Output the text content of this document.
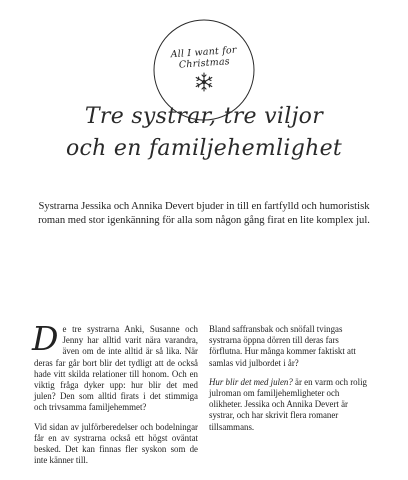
All I want for Christmas
Tre systrar, tre viljor
och en familjehemlighet
Systrarna Jessika och Annika Devert bjuder in till en fartfylld och humoristisk roman med stor igenkänning för alla som någon gång firat en lite komplex jul.

De tre systrarna Anki, Susanne och Jenny har alltid varit nära varandra, även om de inte alltid är så lika. När deras far går bort blir det tydligt att de också hade vitt skilda relationer till honom. Och en viktig fråga dyker upp: hur blir det med julen? Den som alltid firats i det stimmiga och trivsamma familjehemmet?

Vid sidan av julförberedelser och bodelningar får en av systrarna också ett högst oväntat besked. Det kan finnas fler syskon som de inte känner till.

Bland saffransbak och snöfall tvingas systrarna öppna dörren till deras fars förflutna. Hur många kommer faktiskt att samlas vid julbordet i år?

Hur blir det med julen? är en varm och rolig julroman om familjehemligheter och olikheter. Jessika och Annika Devert är systrar, och har skrivit flera romaner tillsammans.
